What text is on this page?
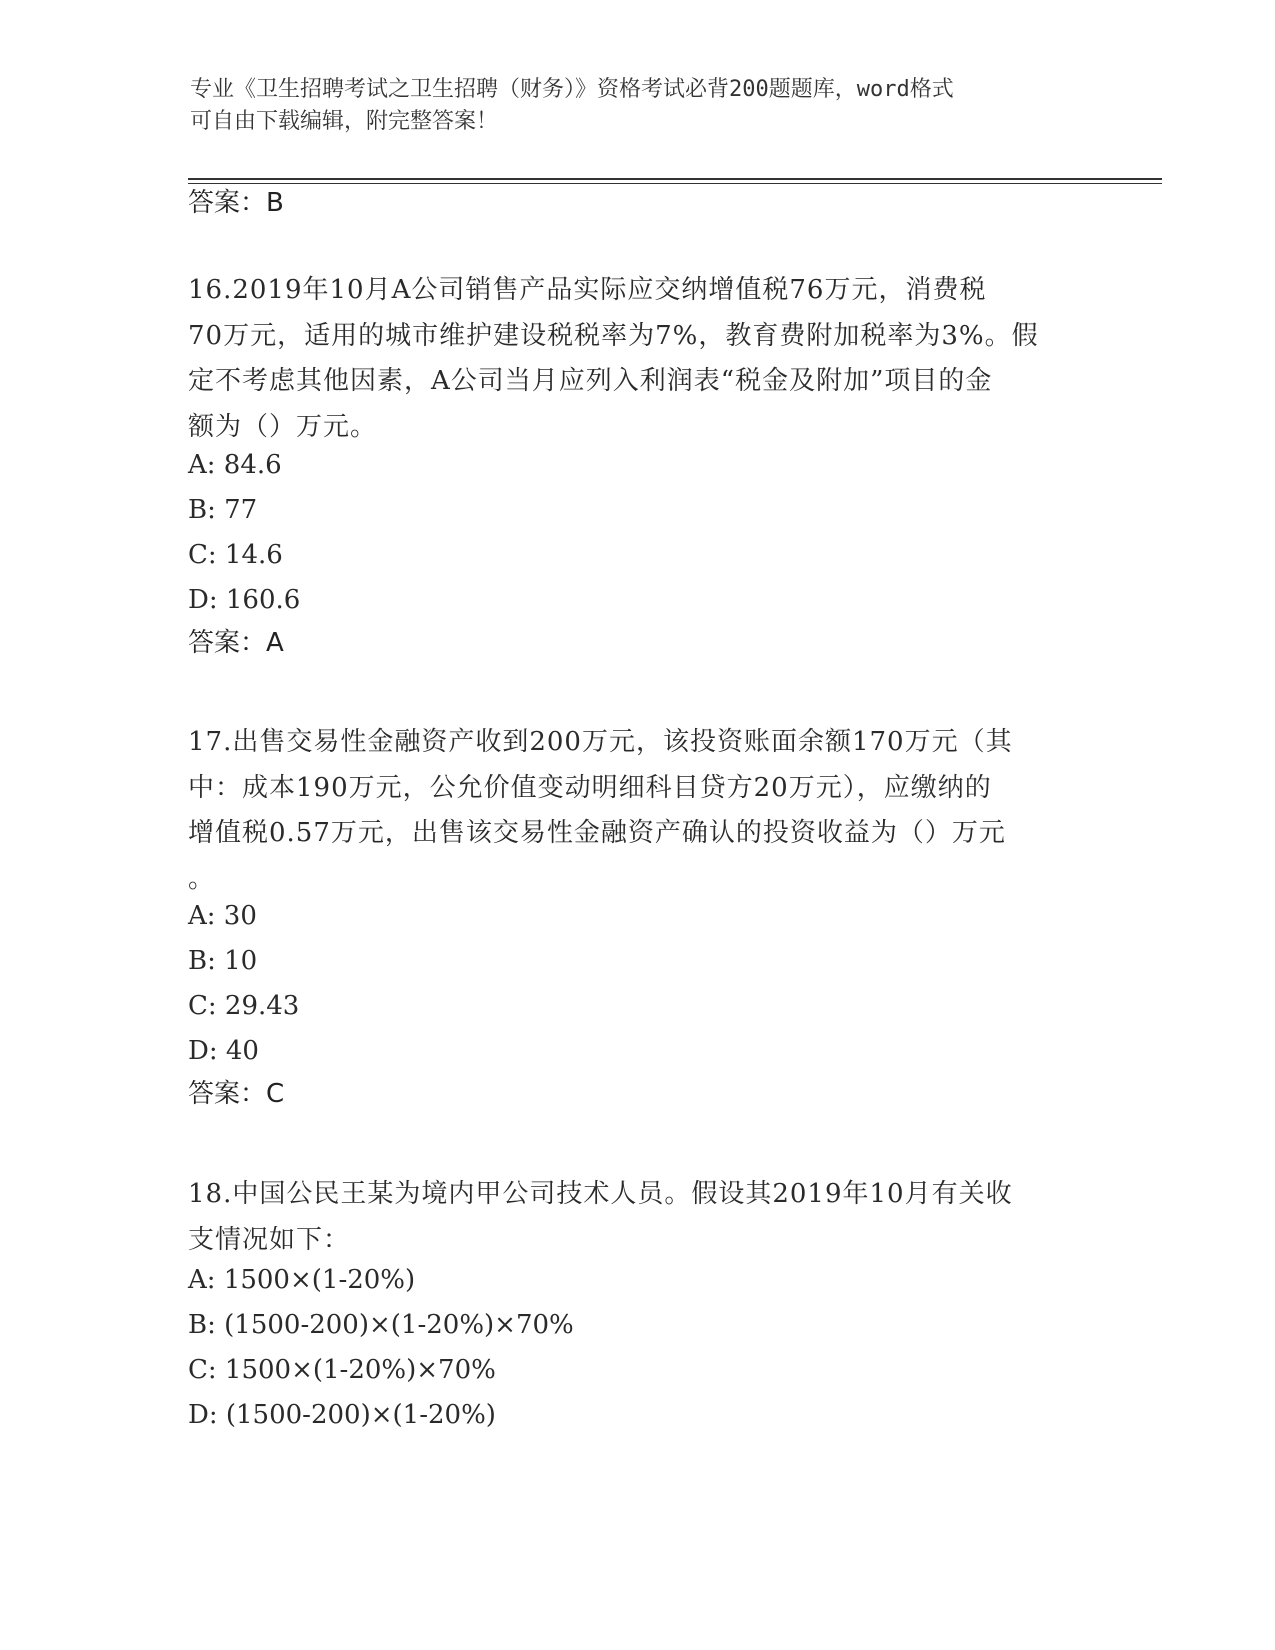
专业《卫生招聘考试之卫生招聘（财务）》资格考试必背200题题库，word格式
可自由下载编辑，附完整答案！
答案：B
16.2019年10月A公司销售产品实际应交纳增值税76万元，消费税
70万元，适用的城市维护建设税税率为7%，教育费附加税率为3%。假
定不考虑其他因素，A公司当月应列入利润表“税金及附加”项目的金
额为（）万元。
A: 84.6
B: 77
C: 14.6
D: 160.6
答案：A
17.出售交易性金融资产收到200万元，该投资账面余额170万元（其
中：成本190万元，公允价值变动明细科目贷方20万元），应缴纳的
增值税0.57万元，出售该交易性金融资产确认的投资收益为（）万元
。
A: 30
B: 10
C: 29.43
D: 40
答案：C
18.中国公民王某为境内甲公司技术人员。假设其2019年10月有关收
支情况如下：
A: 1500×(1-20%)
B: (1500-200)×(1-20%)×70%
C: 1500×(1-20%)×70%
D: (1500-200)×(1-20%)
